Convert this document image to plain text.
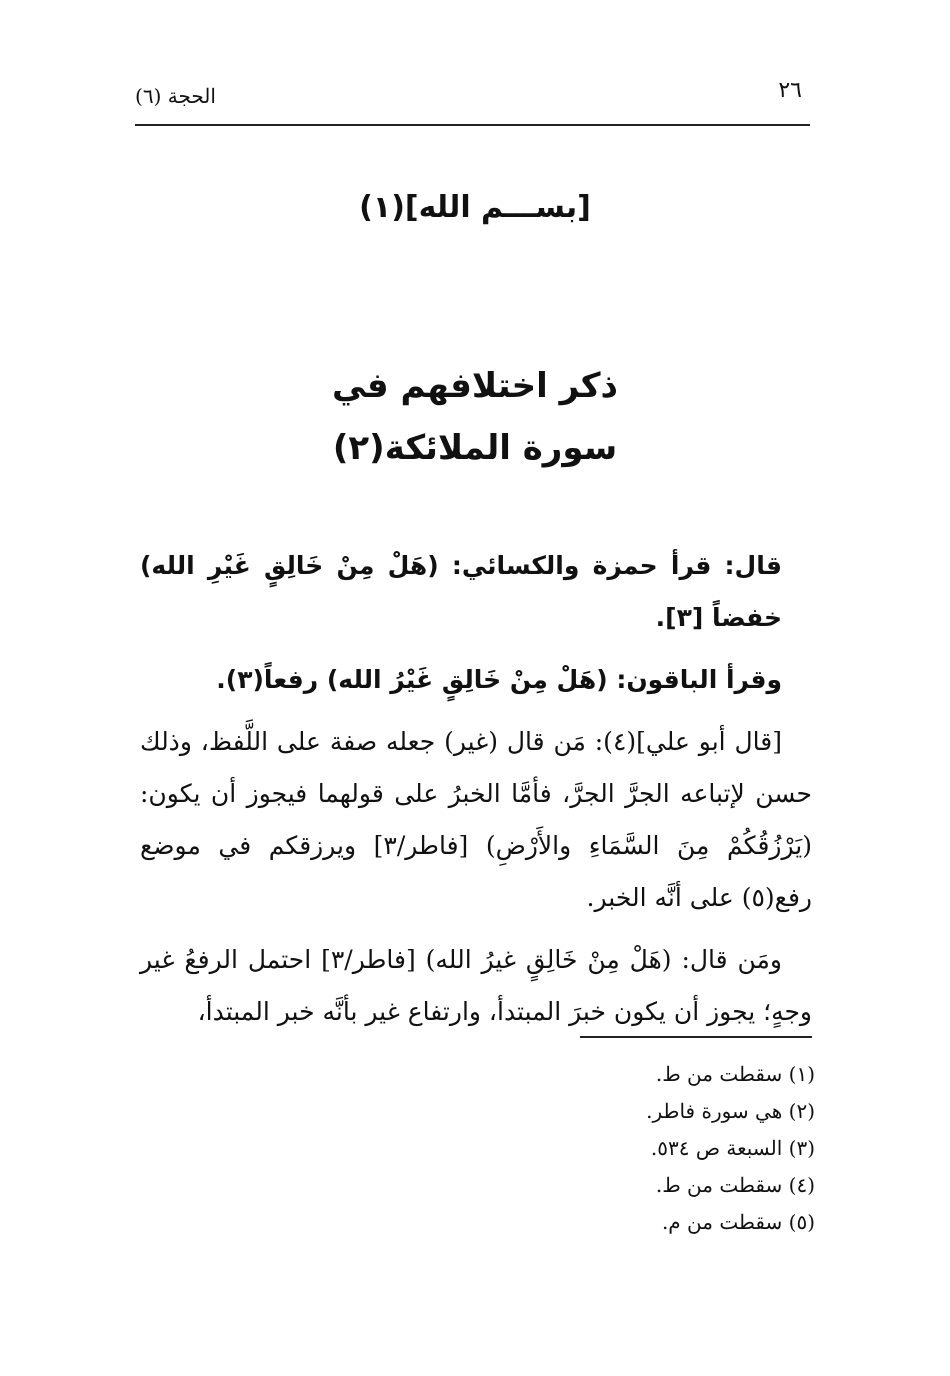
٢٦
الحجة (٦)
[بســـم الله](١)
ذكر اختلافهم في
سورة الملائكة(٢)

قال: قرأ حمزة والكسائي: (هَلْ مِنْ خَالِقٍ غَيْرِ الله) خفضاً [٣].

وقرأ الباقون: (هَلْ مِنْ خَالِقٍ غَيْرُ الله) رفعاً(٣).

[قال أبو علي](٤): مَن قال (غير) جعله صفة على اللَّفظ، وذلك حسن لإتباعه الجرَّ الجرَّ، فأمَّا الخبرُ على قولهما فيجوز أن يكون: (يَرْزُقُكُمْ مِنَ السَّمَاءِ والأَرْضِ) [فاطر/٣] ويرزقكم في موضع رفع(٥) على أنَّه الخبر.

ومَن قال: (هَلْ مِنْ خَالِقٍ غيرُ الله) [فاطر/٣] احتمل الرفعُ غير وجهٍ؛ يجوز أن يكون خبرَ المبتدأ، وارتفاع غير بأنَّه خبر المبتدأ،

(١) سقطت من ط.
(٢) هي سورة فاطر.
(٣) السبعة ص ٥٣٤.
(٤) سقطت من ط.
(٥) سقطت من م.
